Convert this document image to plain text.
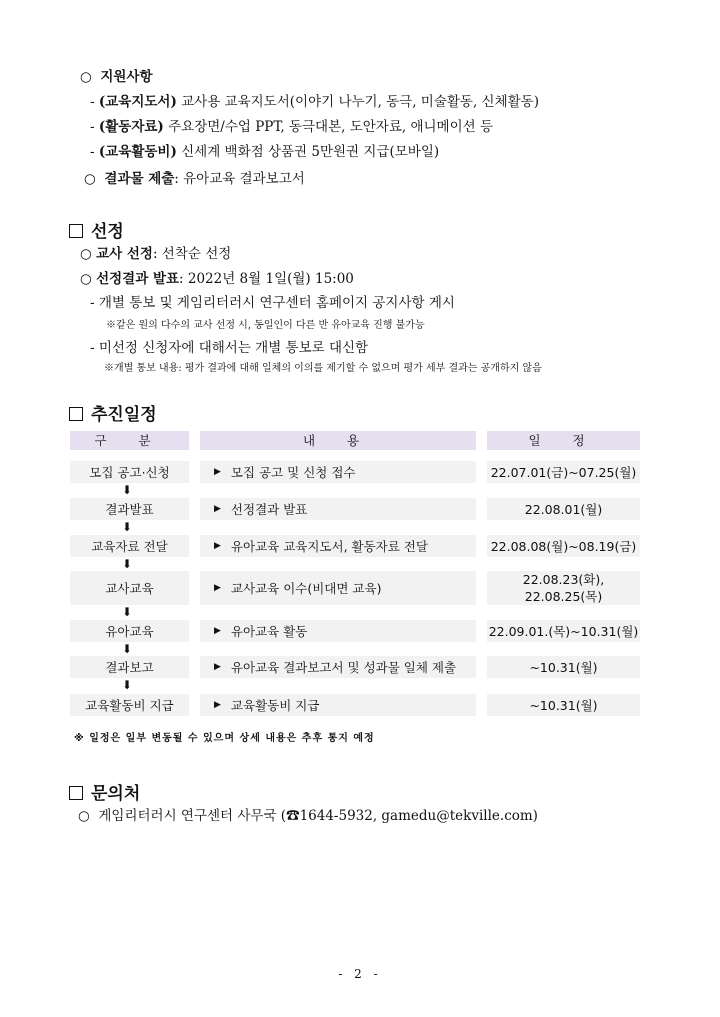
○  지원사항
- (교육지도서) 교사용 교육지도서(이야기 나누기, 동극, 미술활동, 신체활동)
- (활동자료) 주요장면/수업 PPT, 동극대본, 도안자료, 애니메이션 등
- (교육활동비) 신세계 백화점 상품권 5만원권 지급(모바일)
○  결과물 제출: 유아교육 결과보고서
선정
○ 교사 선정: 선착순 선정
○ 선정결과 발표: 2022년 8월 1일(월) 15:00
- 개별 통보 및 게임리터러시 연구센터 홈페이지 공지사항 게시
※같은 원의 다수의 교사 선정 시, 동일인이 다른 반 유아교육 진행 불가능
- 미선정 신청자에 대해서는 개별 통보로 대신함
※개별 통보 내용: 평가 결과에 대해 일체의 이의를 제기할 수 없으며 평가 세부 결과는 공개하지 않음
추진일정
구 분	내 용	일 정
모집 공고·신청	▶ 모집 공고 및 신청 접수	22.07.01(금)~07.25(월)
⬇
결과발표	▶ 선정결과 발표	22.08.01(월)
⬇
교육자료 전달	▶ 유아교육 교육지도서, 활동자료 전달	22.08.08(월)~08.19(금)
⬇
교사교육	▶ 교사교육 이수(비대면 교육)
22.08.23(화),
22.08.25(목)
⬇
유아교육	▶ 유아교육 활동	22.09.01.(목)~10.31(월)
⬇
결과보고	▶ 유아교육 결과보고서 및 성과물 일체 제출	~10.31(월)
⬇
교육활동비 지급	▶ 교육활동비 지급	~10.31(월)
※ 일정은 일부 변동될 수 있으며 상세 내용은 추후 통지 예정
문의처
○  게임리터러시 연구센터 사무국 (☎1644-5932, gamedu@tekville.com)
- 2 -
